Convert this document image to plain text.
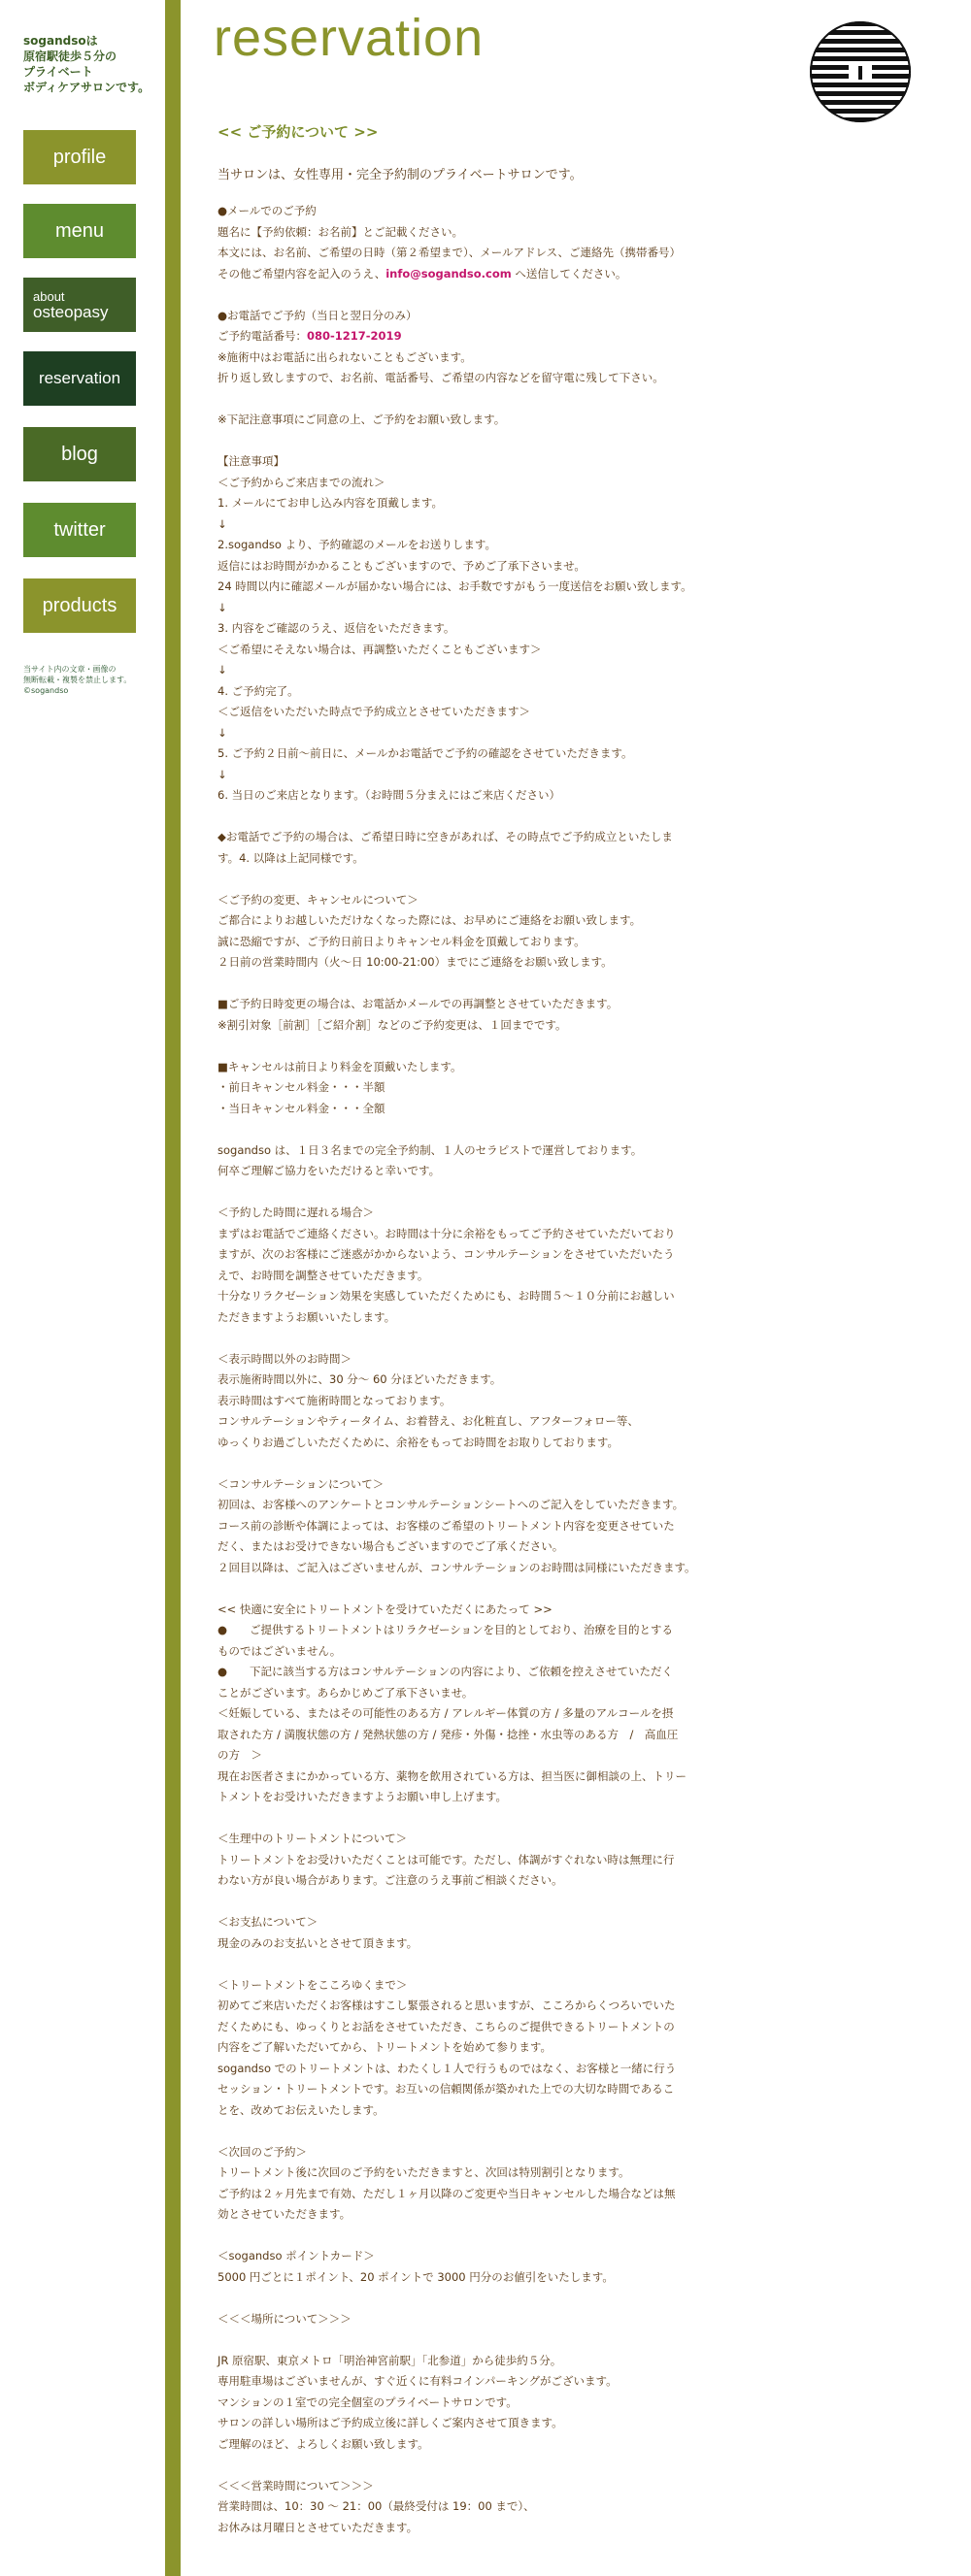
sogandsoは
原宿駅徒歩５分の
プライベート
ボディケアサロンです。
profile
menu
about
osteopasy
reservation
blog
twitter
products
当サイト内の文章・画像の
無断転載・複製を禁止します。
©sogandso
reservation
<< ご予約について >>
当サロンは、女性専用・完全予約制のプライベートサロンです。
●メールでのご予約
題名に【予約依頼：お名前】とご記載ください。
本文には、お名前、ご希望の日時（第２希望まで）、メールアドレス、ご連絡先（携帯番号）
その他ご希望内容を記入のうえ、info@sogandso.com へ送信してください。
●お電話でご予約（当日と翌日分のみ）
ご予約電話番号：080-1217-2019
※施術中はお電話に出られないこともございます。
折り返し致しますので、お名前、電話番号、ご希望の内容などを留守電に残して下さい。
※下記注意事項にご同意の上、ご予約をお願い致します。
【注意事項】
＜ご予約からご来店までの流れ＞
1. メールにてお申し込み内容を頂戴します。
↓
2.sogandso より、予約確認のメールをお送りします。
返信にはお時間がかかることもございますので、予めご了承下さいませ。
24 時間以内に確認メールが届かない場合には、お手数ですがもう一度送信をお願い致します。
↓
3. 内容をご確認のうえ、返信をいただきます。
＜ご希望にそえない場合は、再調整いただくこともございます＞
↓
4. ご予約完了。
＜ご返信をいただいた時点で予約成立とさせていただきます＞
↓
5. ご予約２日前～前日に、メールかお電話でご予約の確認をさせていただきます。
↓
6. 当日のご来店となります。（お時間５分まえにはご来店ください）
◆お電話でご予約の場合は、ご希望日時に空きがあれば、その時点でご予約成立といたしま
す。4. 以降は上記同様です。
＜ご予約の変更、キャンセルについて＞
ご都合によりお越しいただけなくなった際には、お早めにご連絡をお願い致します。
誠に恐縮ですが、ご予約日前日よりキャンセル料金を頂戴しております。
２日前の営業時間内（火～日 10:00-21:00）までにご連絡をお願い致します。
■ご予約日時変更の場合は、お電話かメールでの再調整とさせていただきます。
※割引対象［前割］［ご紹介割］などのご予約変更は、１回までです。
■キャンセルは前日より料金を頂戴いたします。
・前日キャンセル料金・・・半額
・当日キャンセル料金・・・全額
sogandso は、１日３名までの完全予約制、１人のセラピストで運営しております。
何卒ご理解ご協力をいただけると幸いです。
＜予約した時間に遅れる場合＞
まずはお電話でご連絡ください。お時間は十分に余裕をもってご予約させていただいており
ますが、次のお客様にご迷惑がかからないよう、コンサルテーションをさせていただいたう
えで、お時間を調整させていただきます。
十分なリラクゼーション効果を実感していただくためにも、お時間５～１０分前にお越しい
ただきますようお願いいたします。
＜表示時間以外のお時間＞
表示施術時間以外に、30 分～ 60 分ほどいただきます。
表示時間はすべて施術時間となっております。
コンサルテーションやティータイム、お着替え、お化粧直し、アフターフォロー等、
ゆっくりお過ごしいただくために、余裕をもってお時間をお取りしております。
＜コンサルテーションについて＞
初回は、お客様へのアンケートとコンサルテーションシートへのご記入をしていただきます。
コース前の診断や体調によっては、お客様のご希望のトリートメント内容を変更させていた
だく、またはお受けできない場合もございますのでご了承ください。
２回目以降は、ご記入はございませんが、コンサルテーションのお時間は同様にいただきます。
<< 快適に安全にトリートメントを受けていただくにあたって >>
●　　ご提供するトリートメントはリラクゼーションを目的としており、治療を目的とする
ものではございません。
●　　下記に該当する方はコンサルテーションの内容により、ご依頼を控えさせていただく
ことがございます。あらかじめご了承下さいませ。
＜妊娠している、またはその可能性のある方 / アレルギー体質の方 / 多量のアルコールを摂
取された方 / 満腹状態の方 / 発熱状態の方 / 発疹・外傷・捻挫・水虫等のある方　/　高血圧
の方　＞
現在お医者さまにかかっている方、薬物を飲用されている方は、担当医に御相談の上、トリー
トメントをお受けいただきますようお願い申し上げます。
＜生理中のトリートメントについて＞
トリートメントをお受けいただくことは可能です。ただし、体調がすぐれない時は無理に行
わない方が良い場合があります。ご注意のうえ事前ご相談ください。
＜お支払について＞
現金のみのお支払いとさせて頂きます。
＜トリートメントをこころゆくまで＞
初めてご来店いただくお客様はすこし緊張されると思いますが、こころからくつろいでいた
だくためにも、ゆっくりとお話をさせていただき、こちらのご提供できるトリートメントの
内容をご了解いただいてから、トリートメントを始めて参ります。
sogandso でのトリートメントは、わたくし１人で行うものではなく、お客様と一緒に行う
セッション・トリートメントです。お互いの信頼関係が築かれた上での大切な時間であるこ
とを、改めてお伝えいたします。
＜次回のご予約＞
トリートメント後に次回のご予約をいただきますと、次回は特別割引となります。
ご予約は２ヶ月先まで有効、ただし１ヶ月以降のご変更や当日キャンセルした場合などは無
効とさせていただきます。
＜sogandso ポイントカード＞
5000 円ごとに１ポイント、20 ポイントで 3000 円分のお値引をいたします。
＜＜＜場所について＞＞＞
JR 原宿駅、東京メトロ「明治神宮前駅」「北参道」から徒歩約５分。
専用駐車場はございませんが、すぐ近くに有料コインパーキングがございます。
マンションの１室での完全個室のプライベートサロンです。
サロンの詳しい場所はご予約成立後に詳しくご案内させて頂きます。
ご理解のほど、よろしくお願い致します。
＜＜＜営業時間について＞＞＞
営業時間は、10：30 ～ 21：00（最終受付は 19：00 まで）、
お休みは月曜日とさせていただきます。
